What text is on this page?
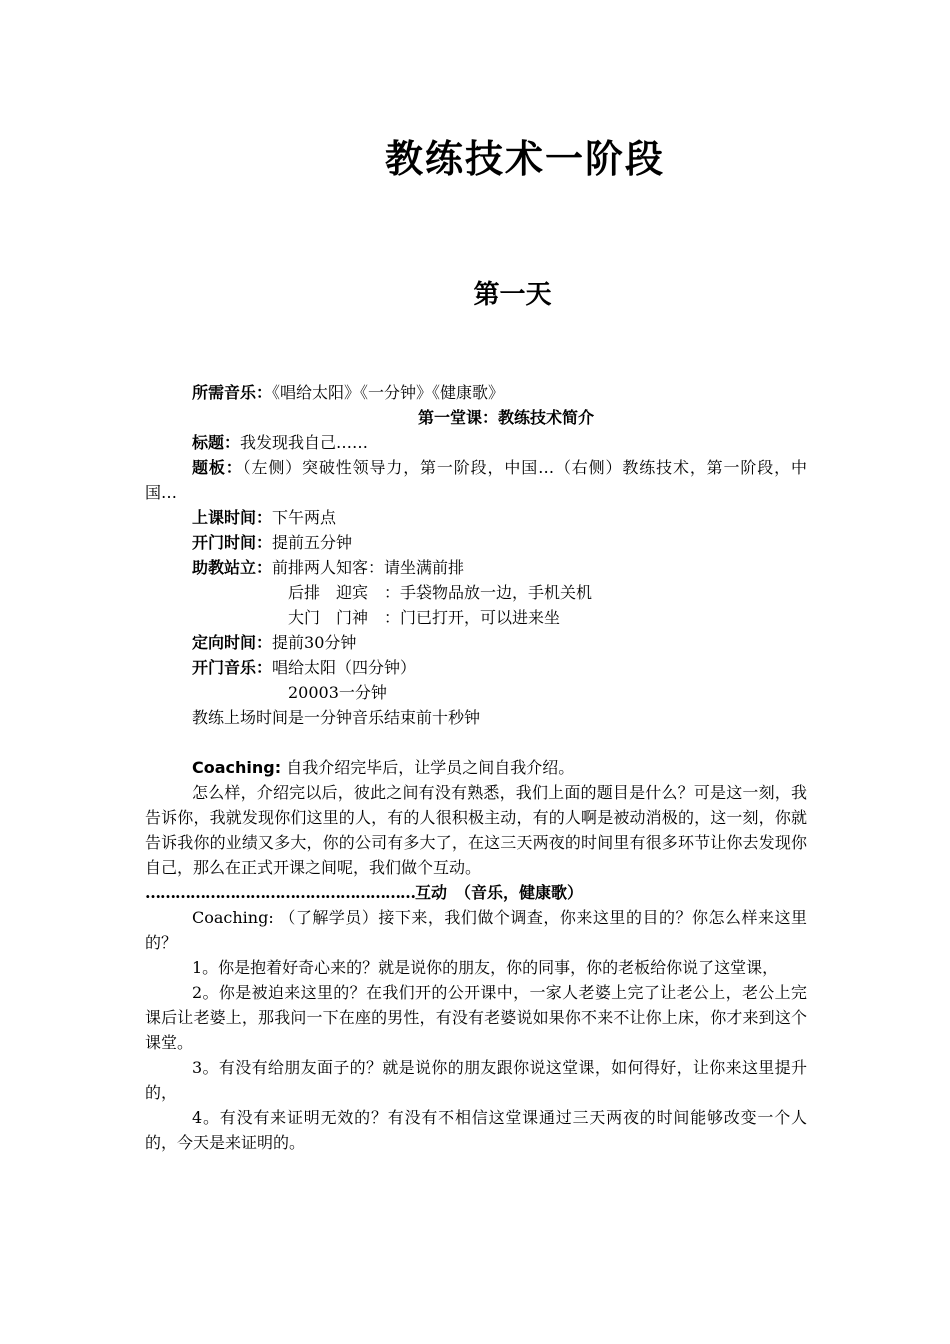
教练技术一阶段
第一天
所需音乐：《唱给太阳》《一分钟》《健康歌》
第一堂课：教练技术简介
标题：我发现我自己……
题板：（左侧）突破性领导力，第一阶段，中国…（右侧）教练技术，第一阶段，中国…
上课时间：下午两点
开门时间：提前五分钟
助教站立：前排两人知客：请坐满前排
后排　迎宾　：手袋物品放一边，手机关机
大门　门神　：门已打开，可以进来坐
定向时间：提前30分钟
开门音乐：唱给太阳（四分钟）
20003一分钟
教练上场时间是一分钟音乐结束前十秒钟
Coaching: 自我介绍完毕后，让学员之间自我介绍。
怎么样，介绍完以后，彼此之间有没有熟悉，我们上面的题目是什么？可是这一刻，我告诉你，我就发现你们这里的人，有的人很积极主动，有的人啊是被动消极的，这一刻，你就告诉我你的业绩又多大，你的公司有多大了，在这三天两夜的时间里有很多环节让你去发现你自己，那么在正式开课之间呢，我们做个互动。
………………………………………………互动　（音乐，健康歌）
Coaching: （了解学员）接下来，我们做个调查，你来这里的目的？你怎么样来这里的？
1。你是抱着好奇心来的？就是说你的朋友，你的同事，你的老板给你说了这堂课，
2。你是被迫来这里的？在我们开的公开课中，一家人老婆上完了让老公上，老公上完课后让老婆上，那我问一下在座的男性，有没有老婆说如果你不来不让你上床，你才来到这个课堂。
3。有没有给朋友面子的？就是说你的朋友跟你说这堂课，如何得好，让你来这里提升的，
4。有没有来证明无效的？有没有不相信这堂课通过三天两夜的时间能够改变一个人的，今天是来证明的。
